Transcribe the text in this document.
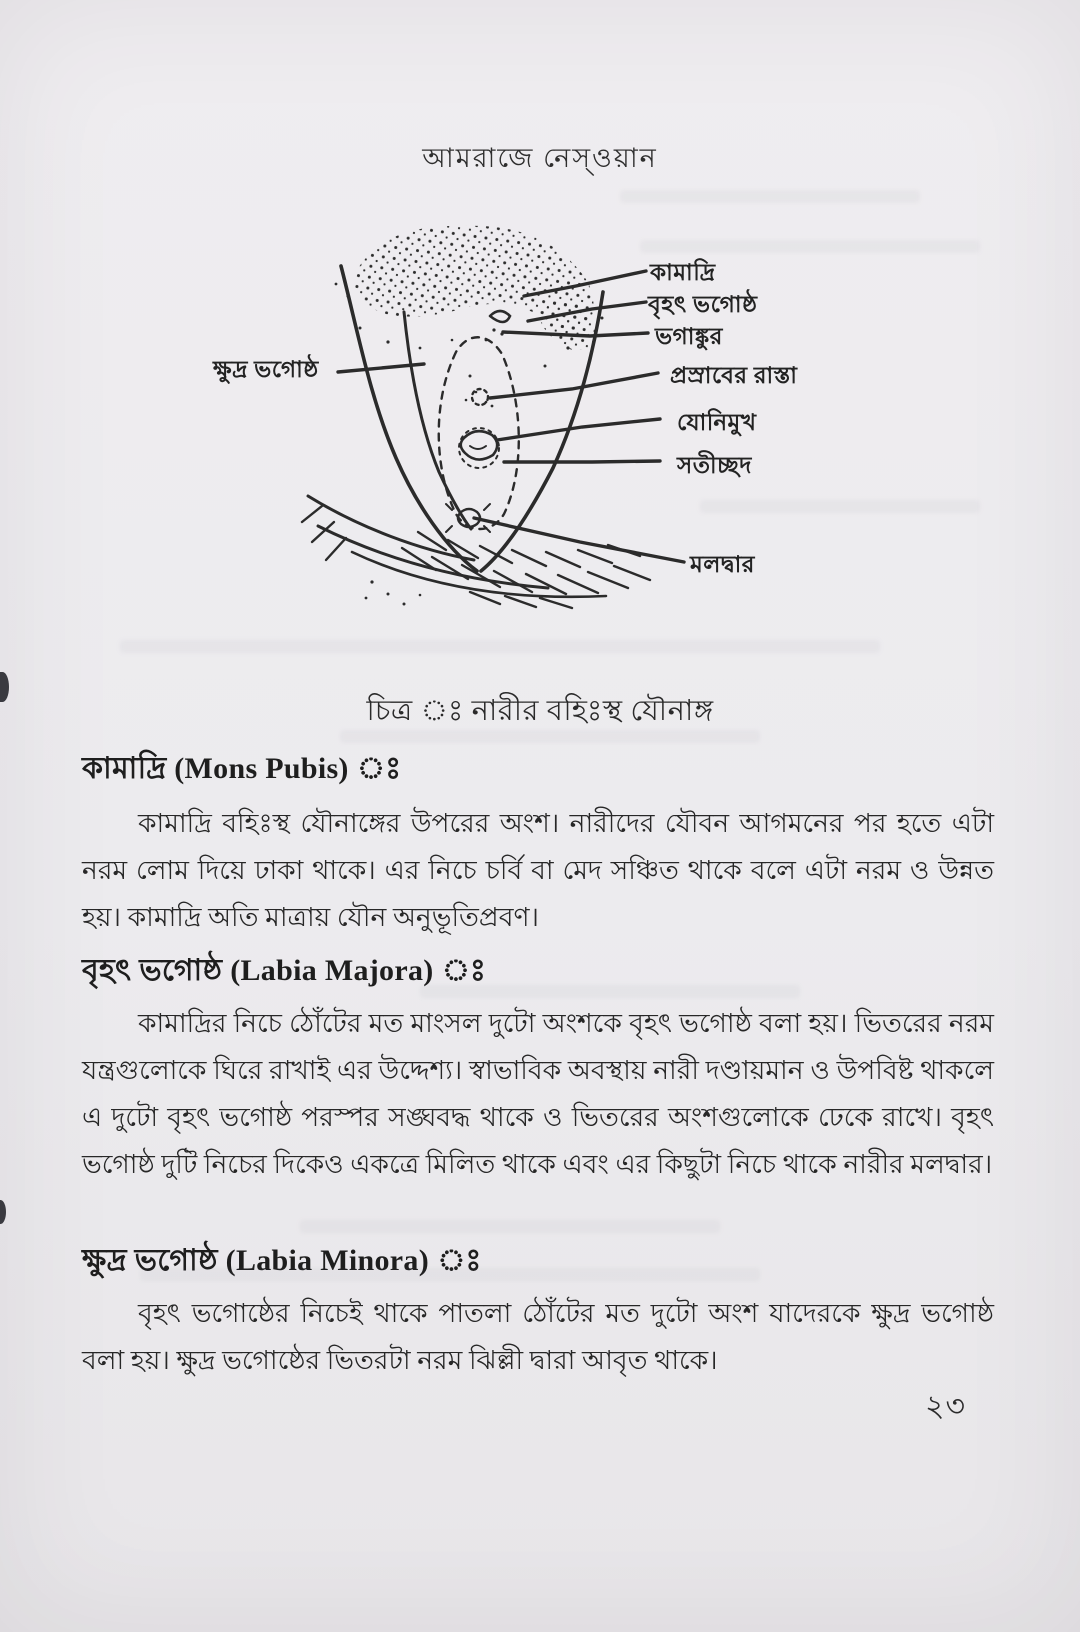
আমরাজে নেস্‌ওয়ান
কামাদ্রি
বৃহৎ ভগোষ্ঠ
ভগাঙ্কুর
প্রস্রাবের রাস্তা
যোনিমুখ
সতীচ্ছদ
মলদ্বার
ক্ষুদ্র ভগোষ্ঠ
চিত্র ঃ নারীর বহিঃস্থ যৌনাঙ্গ
কামাদ্রি (Mons Pubis) ঃ

কামাদ্রি বহিঃস্থ যৌনাঙ্গের উপরের অংশ। নারীদের যৌবন আগমনের পর হতে এটা নরম লোম দিয়ে ঢাকা থাকে। এর নিচে চর্বি বা মেদ সঞ্চিত থাকে বলে এটা নরম ও উন্নত হয়। কামাদ্রি অতি মাত্রায় যৌন অনুভূতিপ্রবণ।

বৃহৎ ভগোষ্ঠ (Labia Majora) ঃ

কামাদ্রির নিচে ঠোঁটের মত মাংসল দুটো অংশকে বৃহৎ ভগোষ্ঠ বলা হয়। ভিতরের নরম যন্ত্রগুলোকে ঘিরে রাখাই এর উদ্দেশ্য। স্বাভাবিক অবস্থায় নারী দণ্ডায়মান ও উপবিষ্ট থাকলে এ দুটো বৃহৎ ভগোষ্ঠ পরস্পর সঙ্ঘবদ্ধ থাকে ও ভিতরের অংশগুলোকে ঢেকে রাখে। বৃহৎ ভগোষ্ঠ দুটি নিচের দিকেও একত্রে মিলিত থাকে এবং এর কিছুটা নিচে থাকে নারীর মলদ্বার।

ক্ষুদ্র ভগোষ্ঠ (Labia Minora) ঃ

বৃহৎ ভগোষ্ঠের নিচেই থাকে পাতলা ঠোঁটের মত দুটো অংশ যাদেরকে ক্ষুদ্র ভগোষ্ঠ বলা হয়। ক্ষুদ্র ভগোষ্ঠের ভিতরটা নরম ঝিল্লী দ্বারা আবৃত থাকে।

২৩
